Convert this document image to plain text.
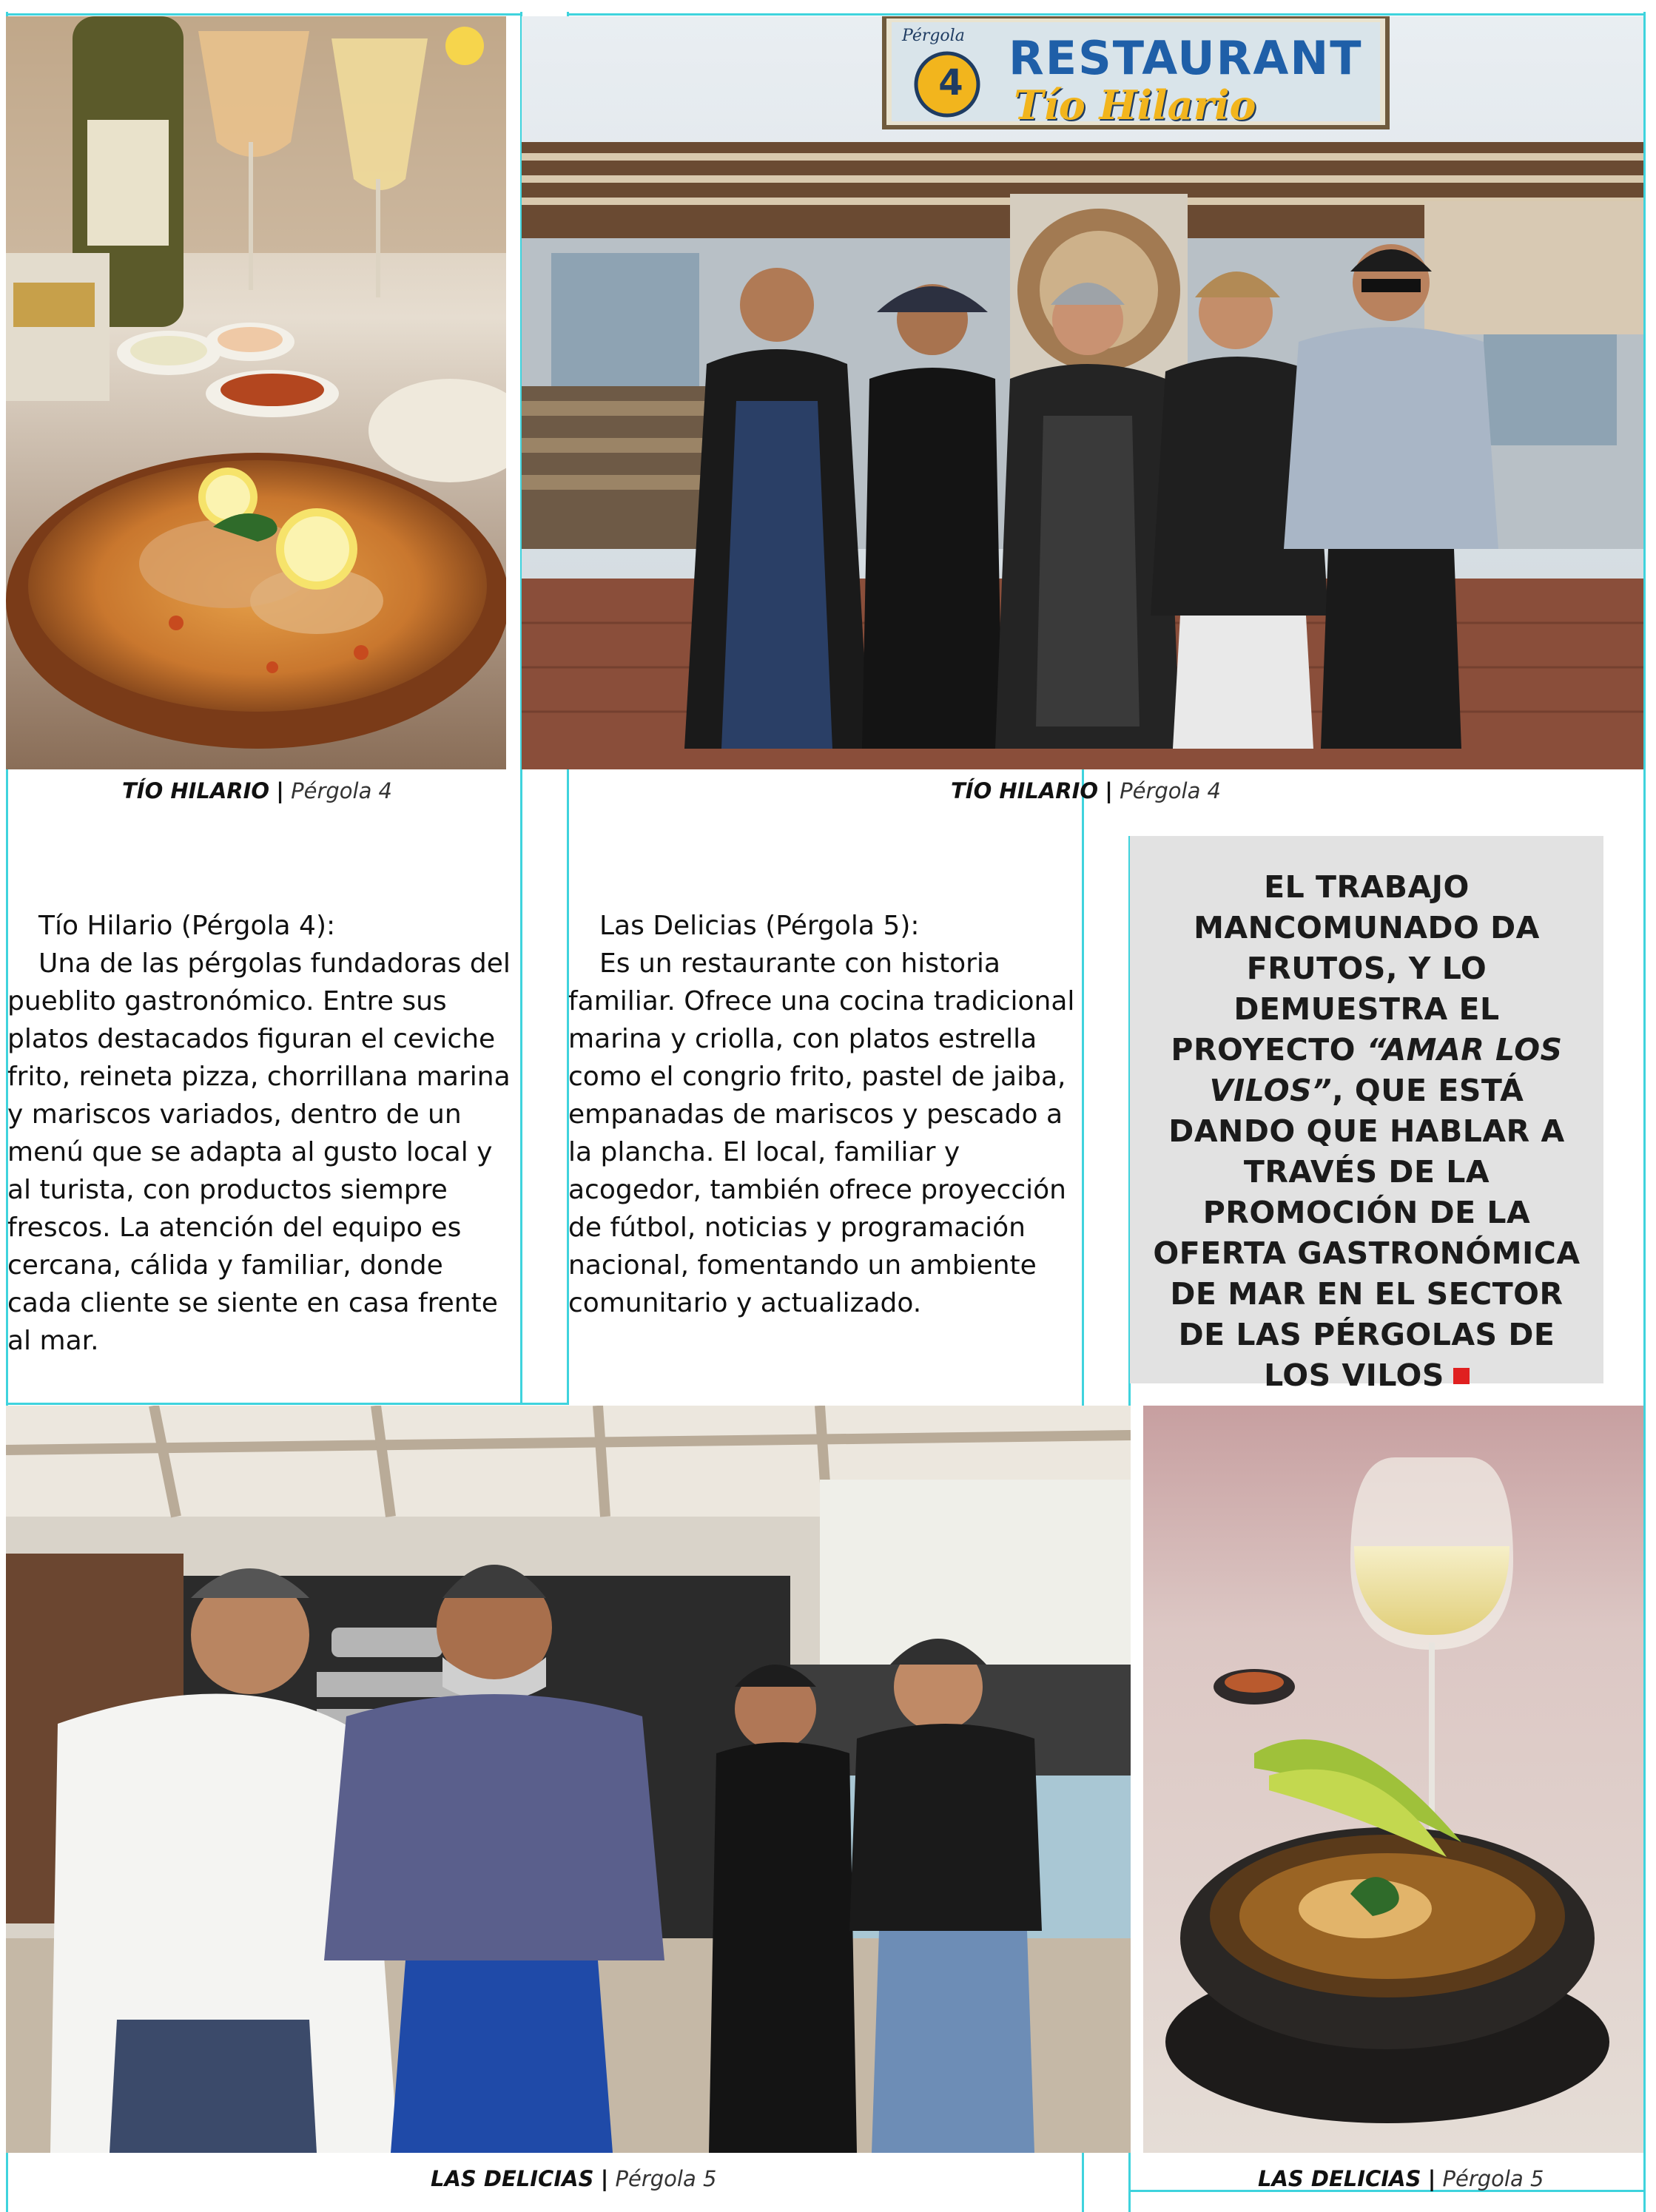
Pérgola
4 RESTAURANT
Tío Hilario
TÍO HILARIO | Pérgola 4	TÍO HILARIO | Pérgola 4
Tío Hilario (Pérgola 4):
Una de las pérgolas fundadoras del pueblito gastronómico. Entre sus platos destacados figuran el ceviche frito, reineta pizza, chorrillana marina y mariscos variados, dentro de un menú que se adapta al gusto local y al turista, con productos siempre frescos. La atención del equipo es cercana, cálida y familiar, donde cada cliente se siente en casa frente al mar.
Las Delicias (Pérgola 5):
Es un restaurante con historia familiar. Ofrece una cocina tradicional marina y criolla, con platos estrella como el congrio frito, pastel de jaiba, empanadas de mariscos y pescado a la plancha. El local, familiar y acogedor, también ofrece proyección de fútbol, noticias y programación nacional, fomentando un ambiente comunitario y actualizado.
EL TRABAJO MANCOMUNADO DA FRUTOS, Y LO DEMUESTRA EL PROYECTO “AMAR LOS VILOS”, QUE ESTÁ DANDO QUE HABLAR A TRAVÉS DE LA PROMOCIÓN DE LA OFERTA GASTRONÓMICA DE MAR EN EL SECTOR DE LAS PÉRGOLAS DE LOS VILOS
LAS DELICIAS | Pérgola 5	LAS DELICIAS | Pérgola 5
